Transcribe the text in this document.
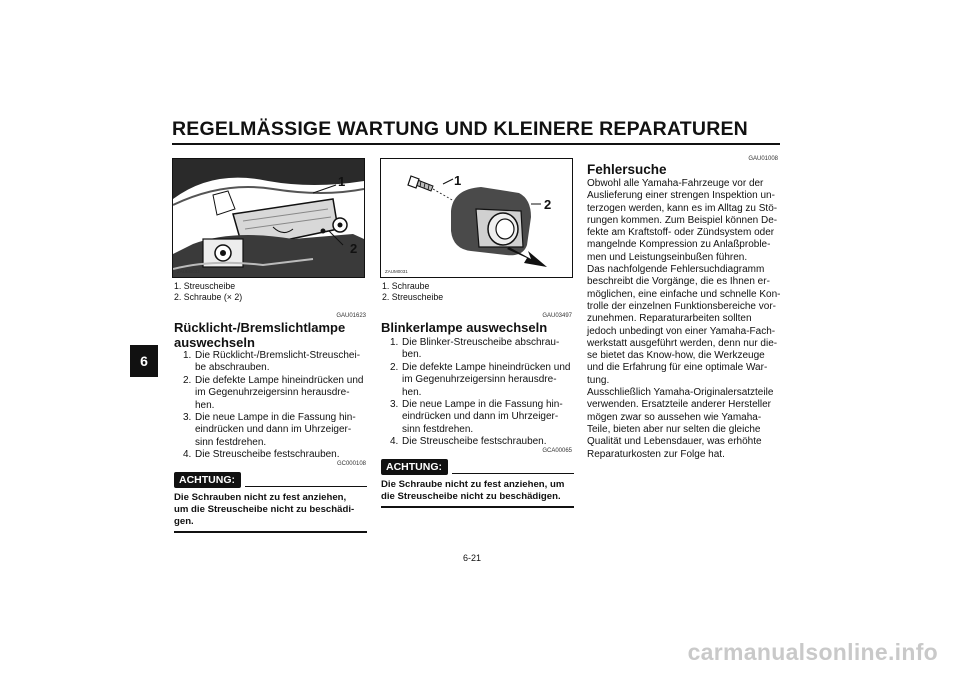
REGELMÄSSIGE WARTUNG UND KLEINERE REPARATUREN
6
1
2
ZAUM0032
1. Streuscheibe
2. Schraube (× 2)
GAU01623
Rücklicht-/Bremslichtlampe
auswechseln
1. Die Rücklicht-/Bremslicht-Streuschei-
be abschrauben.
2. Die defekte Lampe hineindrücken und
im Gegenuhrzeigersinn herausdre-
hen.
3. Die neue Lampe in die Fassung hin-
eindrücken und dann im Uhrzeiger-
sinn festdrehen.
4. Die Streuscheibe festschrauben.
GC000108
ACHTUNG:
Die Schrauben nicht zu fest anziehen,
um die Streuscheibe nicht zu beschädi-
gen.
1
2
ZAUM0031
1. Schraube
2. Streuscheibe
GAU03497
Blinkerlampe auswechseln
1. Die Blinker-Streuscheibe abschrau-
ben.
2. Die defekte Lampe hineindrücken und
im Gegenuhrzeigersinn herausdre-
hen.
3. Die neue Lampe in die Fassung hin-
eindrücken und dann im Uhrzeiger-
sinn festdrehen.
4. Die Streuscheibe festschrauben.
GCA00065
ACHTUNG:
Die Schraube nicht zu fest anziehen, um
die Streuscheibe nicht zu beschädigen.
GAU01008
Fehlersuche
Obwohl alle Yamaha-Fahrzeuge vor der
Auslieferung einer strengen Inspektion un-
terzogen werden, kann es im Alltag zu Stö-
rungen kommen. Zum Beispiel können De-
fekte am Kraftstoff- oder Zündsystem oder
mangelnde Kompression zu Anlaßproble-
men und Leistungseinbußen führen.
Das nachfolgende Fehlersuchdiagramm
beschreibt die Vorgänge, die es Ihnen er-
möglichen, eine einfache und schnelle Kon-
trolle der einzelnen Funktionsbereiche vor-
zunehmen. Reparaturarbeiten sollten
jedoch unbedingt von einer Yamaha-Fach-
werkstatt ausgeführt werden, denn nur die-
se bietet das Know-how, die Werkzeuge
und die Erfahrung für eine optimale War-
tung.
Ausschließlich Yamaha-Originalersatzteile
verwenden. Ersatzteile anderer Hersteller
mögen zwar so aussehen wie Yamaha-
Teile, bieten aber nur selten die gleiche
Qualität und Lebensdauer, was erhöhte
Reparaturkosten zur Folge hat.
6-21
carmanualsonline.info
